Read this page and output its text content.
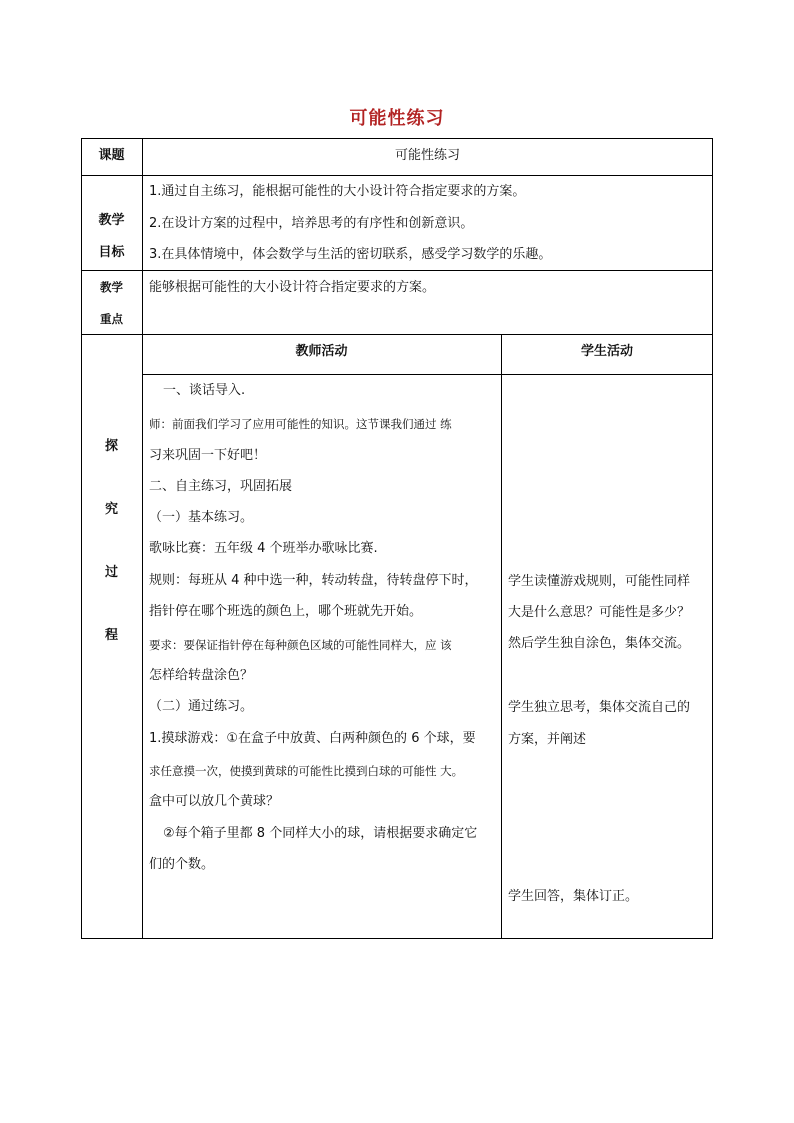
可能性练习
课题	可能性练习
教学
目标
1.通过自主练习，能根据可能性的大小设计符合指定要求的方案。
2.在设计方案的过程中，培养思考的有序性和创新意识。
3.在具体情境中，体会数学与生活的密切联系，感受学习数学的乐趣。
教学
重点
能够根据可能性的大小设计符合指定要求的方案。
探
究
过
程
教师活动	学生活动
一、谈话导入.
师：前面我们学习了应用可能性的知识。这节课我们通过 练
习来巩固一下好吧！
二、自主练习，巩固拓展
（一）基本练习。
歌咏比赛：五年级 4 个班举办歌咏比赛.
规则：每班从 4 种中选一种，转动转盘，待转盘停下时，
指针停在哪个班选的颜色上，哪个班就先开始。
要求：要保证指针停在每种颜色区域的可能性同样大，应 该
怎样给转盘涂色？
（二）通过练习。
1.摸球游戏：①在盒子中放黄、白两种颜色的 6 个球，要
求任意摸一次，使摸到黄球的可能性比摸到白球的可能性 大。
盒中可以放几个黄球？
②每个箱子里都 8 个同样大小的球，请根据要求确定它
们的个数。
学生读懂游戏规则，可能性同样
大是什么意思？可能性是多少？
然后学生独自涂色，集体交流。
学生独立思考，集体交流自己的
方案，并阐述
学生回答，集体订正。
